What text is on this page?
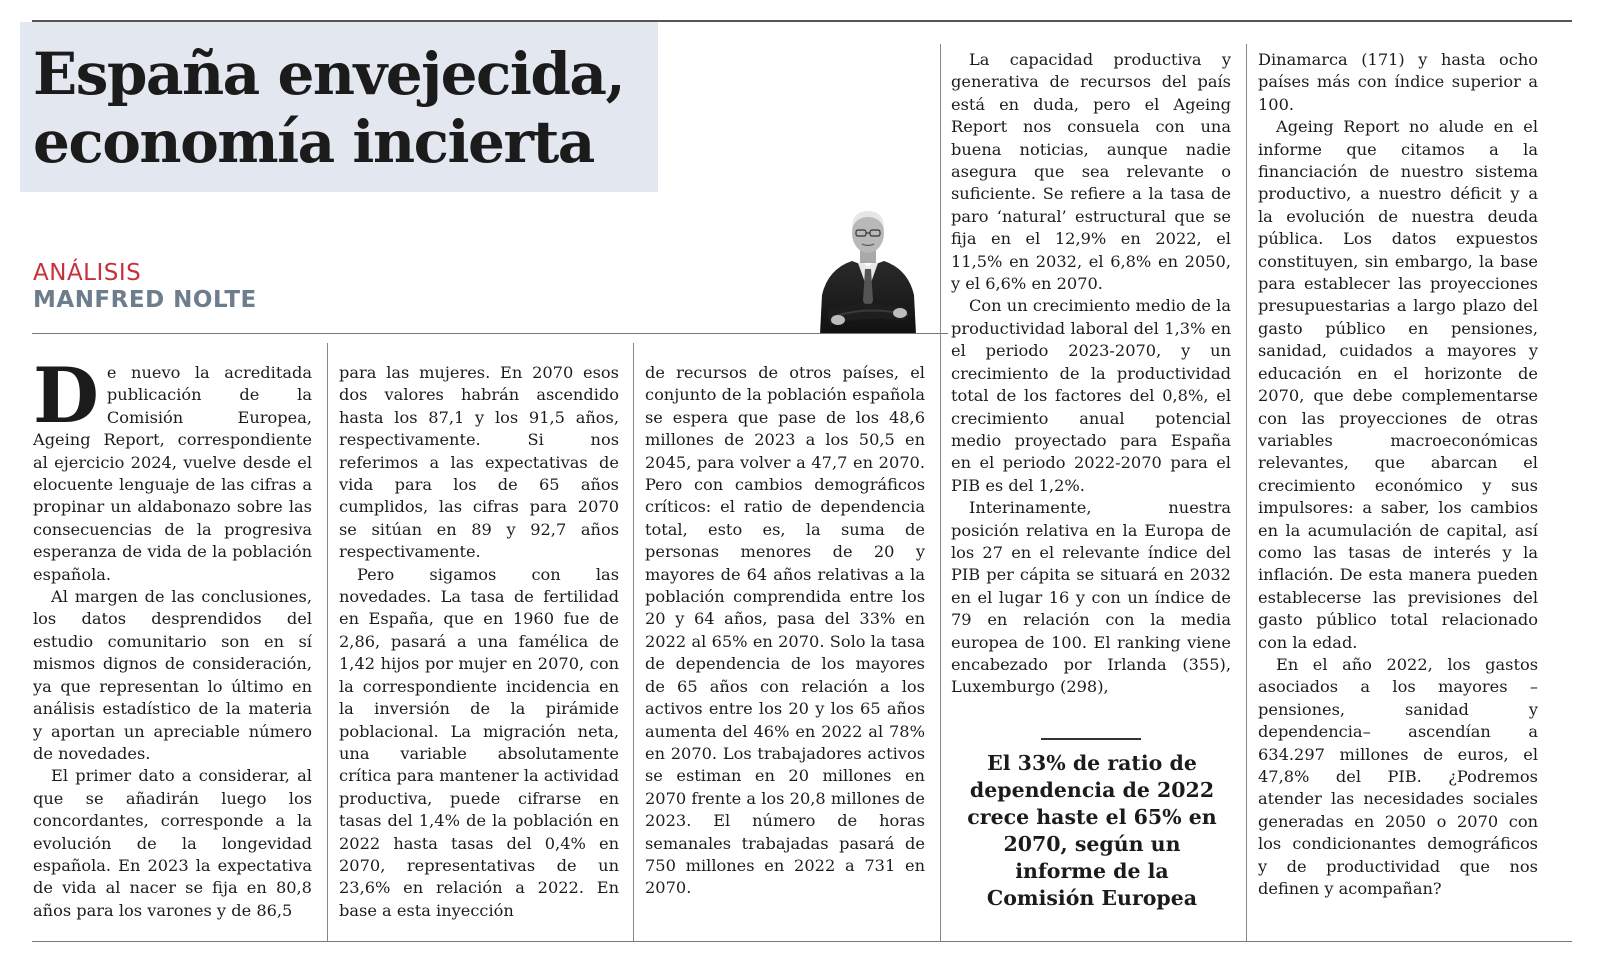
España envejecida,
economía incierta
ANÁLISIS
MANFRED NOLTE

De nuevo la acreditada publicación de la Comisión Europea, Ageing Report, correspondiente al ejercicio 2024, vuelve desde el elocuente lenguaje de las cifras a propinar un aldabonazo sobre las consecuencias de la progresiva esperanza de vida de la población española.

Al margen de las conclusiones, los datos desprendidos del estudio comunitario son en sí mismos dignos de consideración, ya que representan lo último en análisis estadístico de la materia y aportan un apreciable número de novedades.

El primer dato a considerar, al que se añadirán luego los concordantes, corresponde a la evolución de la longevidad española. En 2023 la expectativa de vida al nacer se fija en 80,8 años para los varones y de 86,5

para las mujeres. En 2070 esos dos valores habrán ascendido hasta los 87,1 y los 91,5 años, respectivamente. Si nos referimos a las expectativas de vida para los de 65 años cumplidos, las cifras para 2070 se sitúan en 89 y 92,7 años respectivamente.

Pero sigamos con las novedades. La tasa de fertilidad en España, que en 1960 fue de 2,86, pasará a una famélica de 1,42 hijos por mujer en 2070, con la correspondiente incidencia en la inversión de la pirámide poblacional. La migración neta, una variable absolutamente crítica para mantener la actividad productiva, puede cifrarse en tasas del 1,4% de la población en 2022 hasta tasas del 0,4% en 2070, representativas de un 23,6% en relación a 2022. En base a esta inyección

de recursos de otros países, el conjunto de la población española se espera que pase de los 48,6 millones de 2023 a los 50,5 en 2045, para volver a 47,7 en 2070. Pero con cambios demográficos críticos: el ratio de dependencia total, esto es, la suma de personas menores de 20 y mayores de 64 años relativas a la población comprendida entre los 20 y 64 años, pasa del 33% en 2022 al 65% en 2070. Solo la tasa de dependencia de los mayores de 65 años con relación a los activos entre los 20 y los 65 años aumenta del 46% en 2022 al 78% en 2070. Los trabajadores activos se estiman en 20 millones en 2070 frente a los 20,8 millones de 2023. El número de horas semanales trabajadas pasará de 750 millones en 2022 a 731 en 2070.

La capacidad productiva y generativa de recursos del país está en duda, pero el Ageing Report nos consuela con una buena noticias, aunque nadie asegura que sea relevante o suficiente. Se refiere a la tasa de paro ‘natural’ estructural que se fija en el 12,9% en 2022, el 11,5% en 2032, el 6,8% en 2050, y el 6,6% en 2070.

Con un crecimiento medio de la productividad laboral del 1,3% en el periodo 2023-2070, y un crecimiento de la productividad total de los factores del 0,8%, el crecimiento anual potencial medio proyectado para España en el periodo 2022-2070 para el PIB es del 1,2%.

Interinamente, nuestra posición relativa en la Europa de los 27 en el relevante índice del PIB per cápita se situará en 2032 en el lugar 16 y con un índice de 79 en relación con la media europea de 100. El ranking viene encabezado por Irlanda (355), Luxemburgo (298),

El 33% de ratio de dependencia de 2022 crece haste el 65% en 2070, según un informe de la Comisión Europea

Dinamarca (171) y hasta ocho países más con índice superior a 100.

Ageing Report no alude en el informe que citamos a la financiación de nuestro sistema productivo, a nuestro déficit y a la evolución de nuestra deuda pública. Los datos expuestos constituyen, sin embargo, la base para establecer las proyecciones presupuestarias a largo plazo del gasto público en pensiones, sanidad, cuidados a mayores y educación en el horizonte de 2070, que debe complementarse con las proyecciones de otras variables macroeconómicas relevantes, que abarcan el crecimiento económico y sus impulsores: a saber, los cambios en la acumulación de capital, así como las tasas de interés y la inflación. De esta manera pueden establecerse las previsiones del gasto público total relacionado con la edad.

En el año 2022, los gastos asociados a los mayores –pensiones, sanidad y dependencia– ascendían a 634.297 millones de euros, el 47,8% del PIB. ¿Podremos atender las necesidades sociales generadas en 2050 o 2070 con los condicionantes demográficos y de productividad que nos definen y acompañan?
